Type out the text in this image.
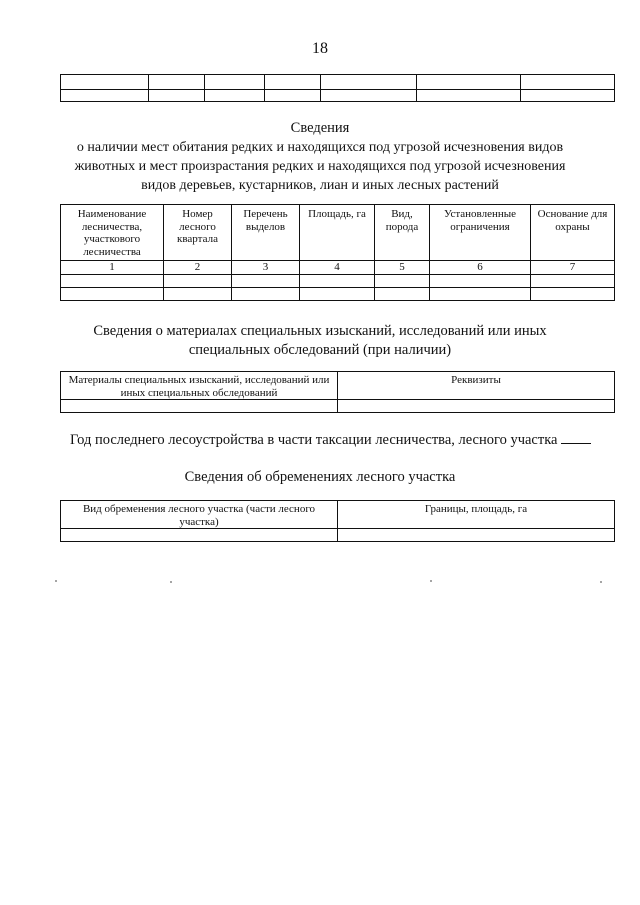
18

Сведения
о наличии мест обитания редких и находящихся под угрозой исчезновения видов
животных и мест произрастания редких и находящихся под угрозой исчезновения
видов деревьев, кустарников, лиан и иных лесных растений
Наименование лесничества, участкового лесничества	Номер лесного квартала	Перечень выделов	Площадь, га	Вид, порода	Установленные ограничения	Основание для охраны
1	2	3	4	5	6	7

Сведения о материалах специальных изысканий, исследований или иных
специальных обследований (при наличии)
Материалы специальных изысканий, исследований или иных специальных обследований	Реквизиты

Год последнего лесоустройства в части таксации лесничества, лесного участка
Сведения об обременениях лесного участка
Вид обременения лесного участка (части лесного участка)	Границы, площадь, га
